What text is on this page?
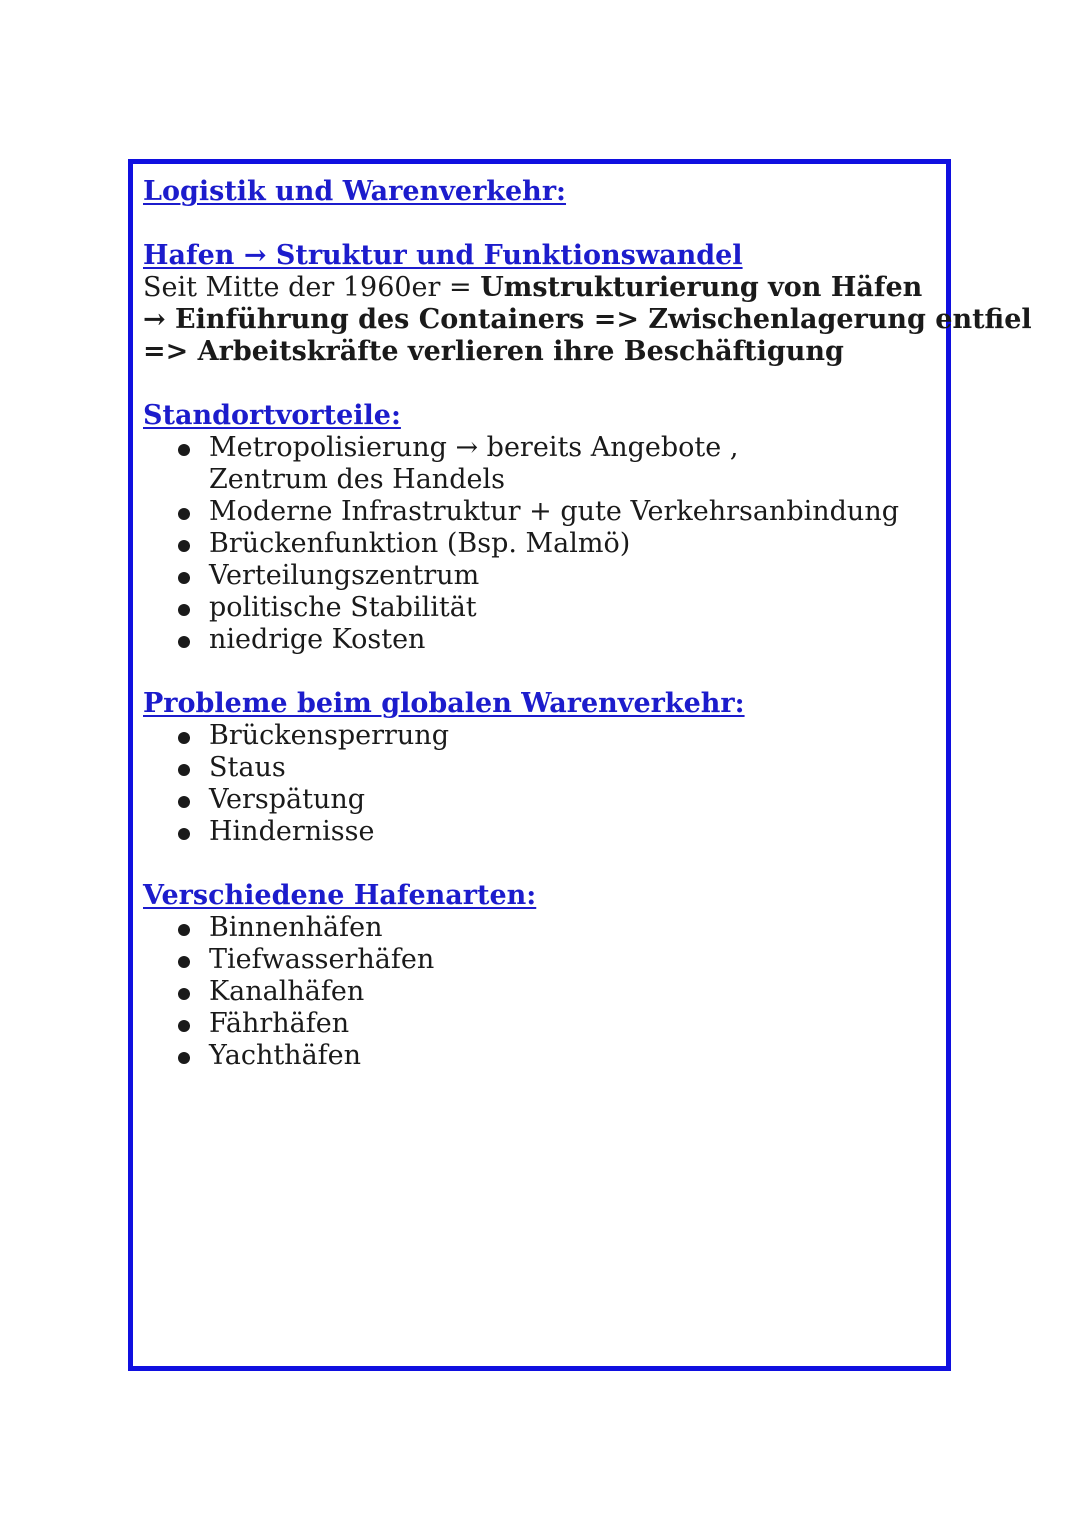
Logistik und Warenverkehr:
Hafen → Struktur und Funktionswandel
Seit Mitte der 1960er = Umstrukturierung von Häfen
→ Einführung des Containers => Zwischenlagerung entfiel
=> Arbeitskräfte verlieren ihre Beschäftigung
Standortvorteile:
Metropolisierung → bereits Angebote , Zentrum des Handels
Moderne Infrastruktur + gute Verkehrsanbindung
Brückenfunktion (Bsp. Malmö)
Verteilungszentrum
politische Stabilität
niedrige Kosten
Probleme beim globalen Warenverkehr:
Brückensperrung
Staus
Verspätung
Hindernisse
Verschiedene Hafenarten:
Binnenhäfen
Tiefwasserhäfen
Kanalhäfen
Fährhäfen
Yachthäfen
